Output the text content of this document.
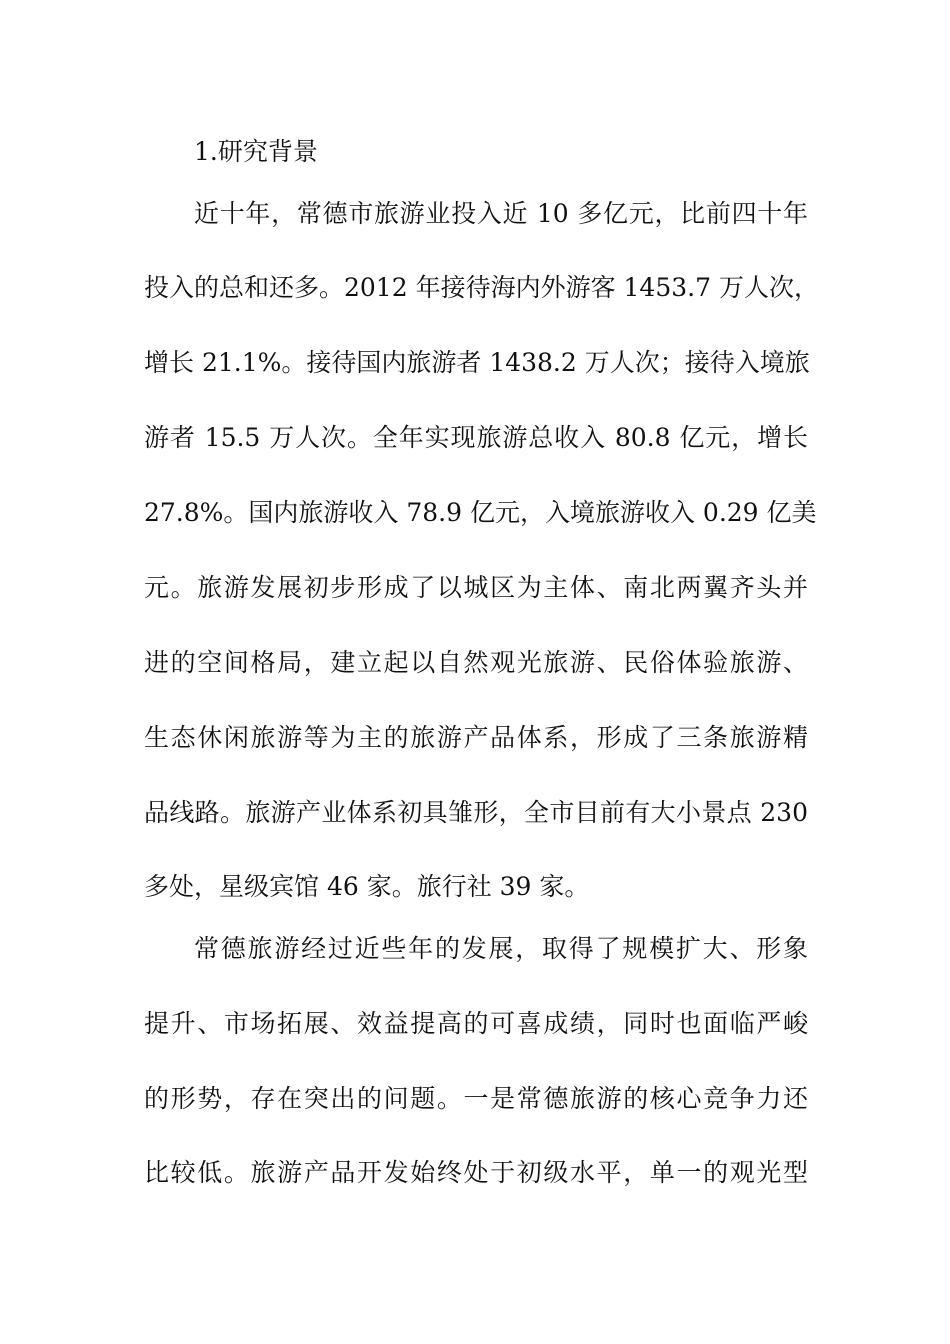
1.研究背景
近十年，常德市旅游业投入近 10 多亿元，比前四十年
投入的总和还多。2012 年接待海内外游客 1453.7 万人次，
增长 21.1%。接待国内旅游者 1438.2 万人次；接待入境旅
游者 15.5 万人次。全年实现旅游总收入 80.8 亿元，增长
27.8%。国内旅游收入 78.9 亿元，入境旅游收入 0.29 亿美
元。旅游发展初步形成了以城区为主体、南北两翼齐头并
进的空间格局，建立起以自然观光旅游、民俗体验旅游、
生态休闲旅游等为主的旅游产品体系，形成了三条旅游精
品线路。旅游产业体系初具雏形，全市目前有大小景点 230
多处，星级宾馆 46 家。旅行社 39 家。
常德旅游经过近些年的发展，取得了规模扩大、形象
提升、市场拓展、效益提高的可喜成绩，同时也面临严峻
的形势，存在突出的问题。一是常德旅游的核心竞争力还
比较低。旅游产品开发始终处于初级水平，单一的观光型
